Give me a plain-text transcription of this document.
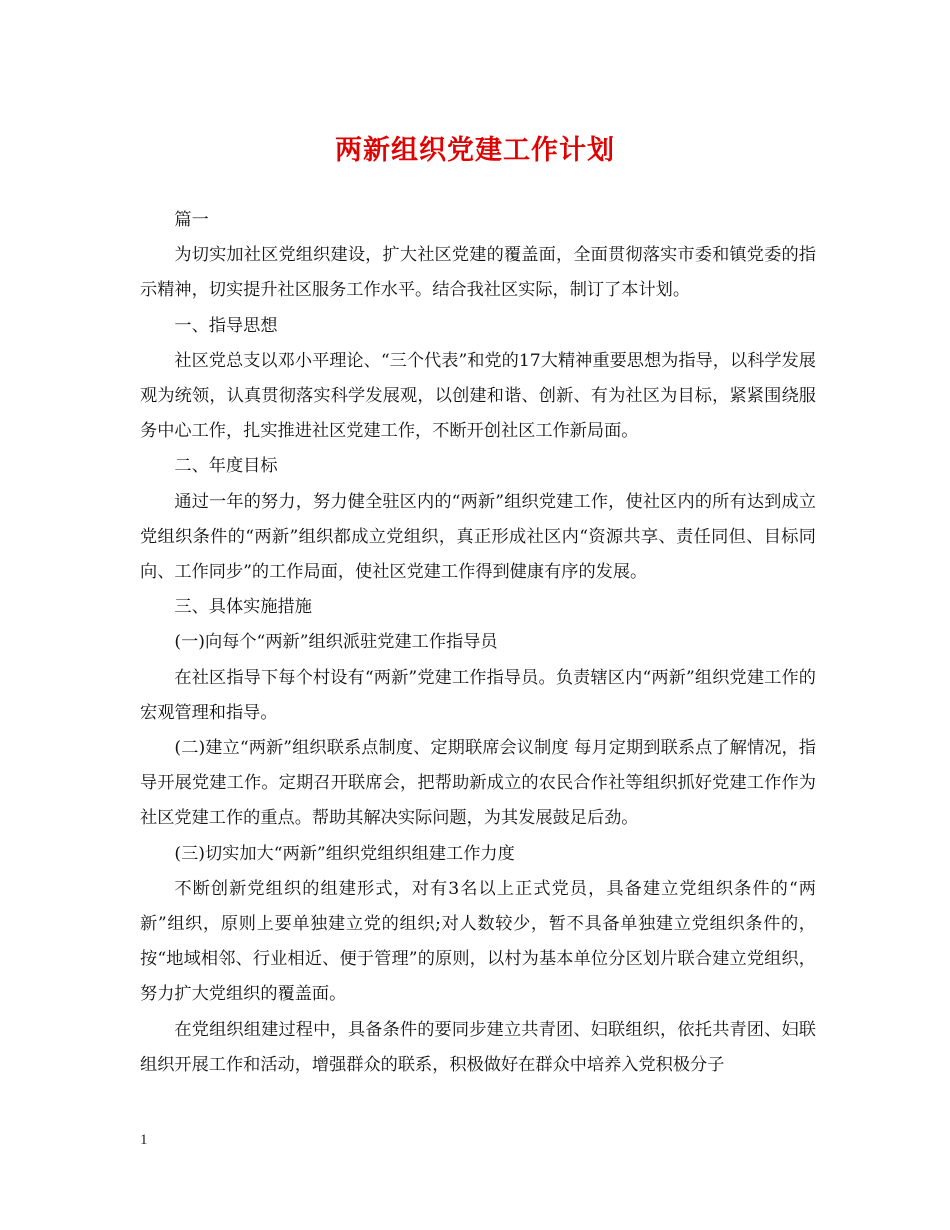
两新组织党建工作计划

篇一

为切实加社区党组织建设，扩大社区党建的覆盖面，全面贯彻落实市委和镇党委的指示精神，切实提升社区服务工作水平。结合我社区实际，制订了本计划。

一、指导思想

社区党总支以邓小平理论、“三个代表”和党的17大精神重要思想为指导，以科学发展观为统领，认真贯彻落实科学发展观，以创建和谐、创新、有为社区为目标，紧紧围绕服务中心工作，扎实推进社区党建工作，不断开创社区工作新局面。

二、年度目标

通过一年的努力，努力健全驻区内的“两新”组织党建工作，使社区内的所有达到成立党组织条件的“两新”组织都成立党组织，真正形成社区内“资源共享、责任同但、目标同向、工作同步”的工作局面，使社区党建工作得到健康有序的发展。

三、具体实施措施

(一)向每个“两新”组织派驻党建工作指导员

在社区指导下每个村设有“两新”党建工作指导员。负责辖区内“两新”组织党建工作的宏观管理和指导。

(二)建立“两新”组织联系点制度、定期联席会议制度 每月定期到联系点了解情况，指导开展党建工作。定期召开联席会，把帮助新成立的农民合作社等组织抓好党建工作作为社区党建工作的重点。帮助其解决实际问题，为其发展鼓足后劲。

(三)切实加大“两新”组织党组织组建工作力度

不断创新党组织的组建形式，对有3名以上正式党员，具备建立党组织条件的“两新”组织，原则上要单独建立党的组织;对人数较少，暂不具备单独建立党组织条件的，按“地域相邻、行业相近、便于管理”的原则，以村为基本单位分区划片联合建立党组织，努力扩大党组织的覆盖面。

在党组织组建过程中，具备条件的要同步建立共青团、妇联组织，依托共青团、妇联组织开展工作和活动，增强群众的联系，积极做好在群众中培养入党积极分子

1
